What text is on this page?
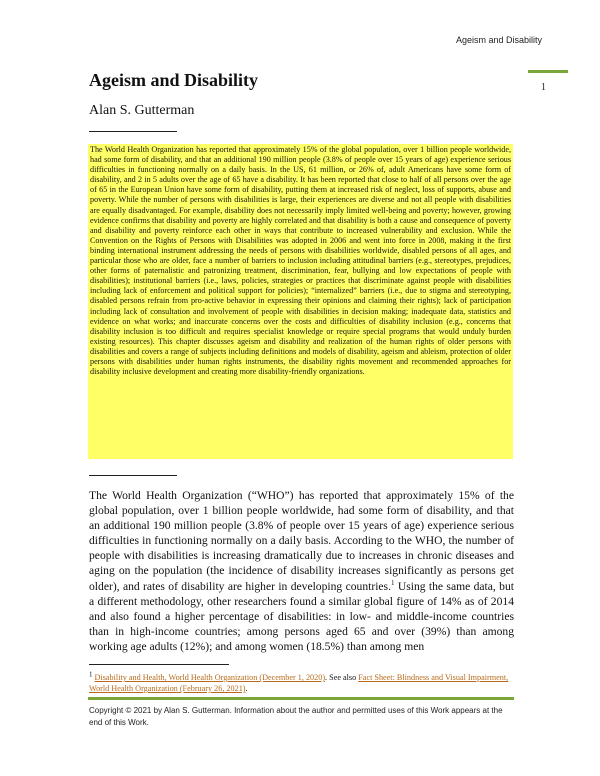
Ageism and Disability
1
Ageism and Disability
Alan S. Gutterman
The World Health Organization has reported that approximately 15% of the global population, over 1 billion people worldwide, had some form of disability, and that an additional 190 million people (3.8% of people over 15 years of age) experience serious difficulties in functioning normally on a daily basis. In the US, 61 million, or 26% of, adult Americans have some form of disability, and 2 in 5 adults over the age of 65 have a disability. It has been reported that close to half of all persons over the age of 65 in the European Union have some form of disability, putting them at increased risk of neglect, loss of supports, abuse and poverty. While the number of persons with disabilities is large, their experiences are diverse and not all people with disabilities are equally disadvantaged. For example, disability does not necessarily imply limited well-being and poverty; however, growing evidence confirms that disability and poverty are highly correlated and that disability is both a cause and consequence of poverty and disability and poverty reinforce each other in ways that contribute to increased vulnerability and exclusion. While the Convention on the Rights of Persons with Disabilities was adopted in 2006 and went into force in 2008, making it the first binding international instrument addressing the needs of persons with disabilities worldwide, disabled persons of all ages, and particular those who are older, face a number of barriers to inclusion including attitudinal barriers (e.g., stereotypes, prejudices, other forms of paternalistic and patronizing treatment, discrimination, fear, bullying and low expectations of people with disabilities); institutional barriers (i.e., laws, policies, strategies or practices that discriminate against people with disabilities including lack of enforcement and political support for policies); “internalized” barriers (i.e., due to stigma and stereotyping, disabled persons refrain from pro-active behavior in expressing their opinions and claiming their rights); lack of participation including lack of consultation and involvement of people with disabilities in decision making; inadequate data, statistics and evidence on what works; and inaccurate concerns over the costs and difficulties of disability inclusion (e.g., concerns that disability inclusion is too difficult and requires specialist knowledge or require special programs that would unduly burden existing resources). This chapter discusses ageism and disability and realization of the human rights of older persons with disabilities and covers a range of subjects including definitions and models of disability, ageism and ableism, protection of older persons with disabilities under human rights instruments, the disability rights movement and recommended approaches for disability inclusive development and creating more disability-friendly organizations.
The World Health Organization (“WHO”) has reported that approximately 15% of the global population, over 1 billion people worldwide, had some form of disability, and that an additional 190 million people (3.8% of people over 15 years of age) experience serious difficulties in functioning normally on a daily basis. According to the WHO, the number of people with disabilities is increasing dramatically due to increases in chronic diseases and aging on the population (the incidence of disability increases significantly as persons get older), and rates of disability are higher in developing countries.$^1$ Using the same data, but a different methodology, other researchers found a similar global figure of 14% as of 2014 and also found a higher percentage of disabilities: in low- and middle-income countries than in high-income countries; among persons aged 65 and over (39%) than among working age adults (12%); and among women (18.5%) than among men
$^1$ Disability and Health, World Health Organization (December 1, 2020). See also Fact Sheet: Blindness and Visual Impairment, World Health Organization (February 26, 2021).
Copyright © 2021 by Alan S. Gutterman. Information about the author and permitted uses of this Work appears at the end of this Work.
